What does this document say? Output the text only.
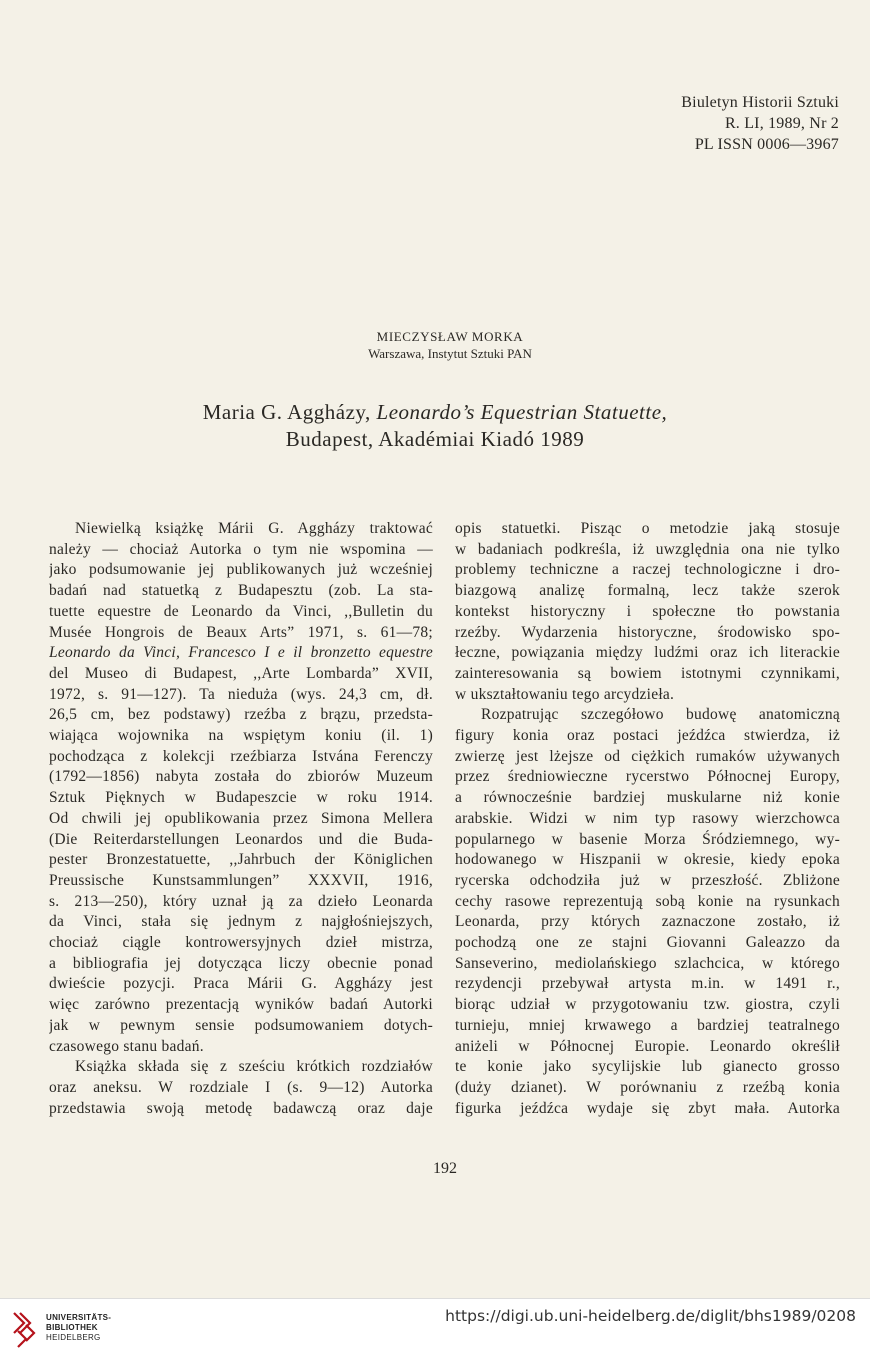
Biuletyn Historii Sztuki
R. LI, 1989, Nr 2
PL ISSN 0006—3967
MIECZYSŁAW MORKA
Warszawa, Instytut Sztuki PAN
Maria G. Aggházy, Leonardo’s Equestrian Statuette,
Budapest, Akadémiai Kiadó 1989
Niewielką książkę Márii G. Aggházy traktować
należy — chociaż Autorka o tym nie wspomina —
jako podsumowanie jej publikowanych już wcześniej
badań nad statuetką z Budapesztu (zob. La sta-
tuette equestre de Leonardo da Vinci, ,,Bulletin du
Musée Hongrois de Beaux Arts” 1971, s. 61—78;
Leonardo da Vinci, Francesco I e il bronzetto equestre
del Museo di Budapest, ,,Arte Lombarda” XVII,
1972, s. 91—127). Ta nieduża (wys. 24,3 cm, dł.
26,5 cm, bez podstawy) rzeźba z brązu, przedsta-
wiająca wojownika na wspiętym koniu (il. 1)
pochodząca z kolekcji rzeźbiarza Istvána Ferenczy
(1792—1856) nabyta została do zbiorów Muzeum
Sztuk Pięknych w Budapeszcie w roku 1914.
Od chwili jej opublikowania przez Simona Mellera
(Die Reiterdarstellungen Leonardos und die Buda-
pester Bronzestatuette, ,,Jahrbuch der Königlichen
Preussische Kunstsammlungen” XXXVII, 1916,
s. 213—250), który uznał ją za dzieło Leonarda
da Vinci, stała się jednym z najgłośniejszych,
chociaż ciągle kontrowersyjnych dzieł mistrza,
a bibliografia jej dotycząca liczy obecnie ponad
dwieście pozycji. Praca Márii G. Aggházy jest
więc zarówno prezentacją wyników badań Autorki
jak w pewnym sensie podsumowaniem dotych-
czasowego stanu badań.
Książka składa się z sześciu krótkich rozdziałów
oraz aneksu. W rozdziale I (s. 9—12) Autorka
przedstawia swoją metodę badawczą oraz daje
opis statuetki. Pisząc o metodzie jaką stosuje
w badaniach podkreśla, iż uwzględnia ona nie tylko
problemy techniczne a raczej technologiczne i dro-
biazgową analizę formalną, lecz także szerok
kontekst historyczny i społeczne tło powstania
rzeźby. Wydarzenia historyczne, środowisko spo-
łeczne, powiązania między ludźmi oraz ich literackie
zainteresowania są bowiem istotnymi czynnikami,
w ukształtowaniu tego arcydzieła.
Rozpatrując szczegółowo budowę anatomiczną
figury konia oraz postaci jeźdźca stwierdza, iż
zwierzę jest lżejsze od ciężkich rumaków używanych
przez średniowieczne rycerstwo Północnej Europy,
a równocześnie bardziej muskularne niż konie
arabskie. Widzi w nim typ rasowy wierzchowca
popularnego w basenie Morza Śródziemnego, wy-
hodowanego w Hiszpanii w okresie, kiedy epoka
rycerska odchodziła już w przeszłość. Zbliżone
cechy rasowe reprezentują sobą konie na rysunkach
Leonarda, przy których zaznaczone zostało, iż
pochodzą one ze stajni Giovanni Galeazzo da
Sanseverino, mediolańskiego szlachcica, w którego
rezydencji przebywał artysta m.in. w 1491 r.,
biorąc udział w przygotowaniu tzw. giostra, czyli
turnieju, mniej krwawego a bardziej teatralnego
aniżeli w Północnej Europie. Leonardo określił
te konie jako sycylijskie lub gianecto grosso
(duży dzianet). W porównaniu z rzeźbą konia
figurka jeźdźca wydaje się zbyt mała. Autorka
192
UNIVERSITÄTS-
BIBLIOTHEK
HEIDELBERG
https://digi.ub.uni-heidelberg.de/diglit/bhs1989/0208
